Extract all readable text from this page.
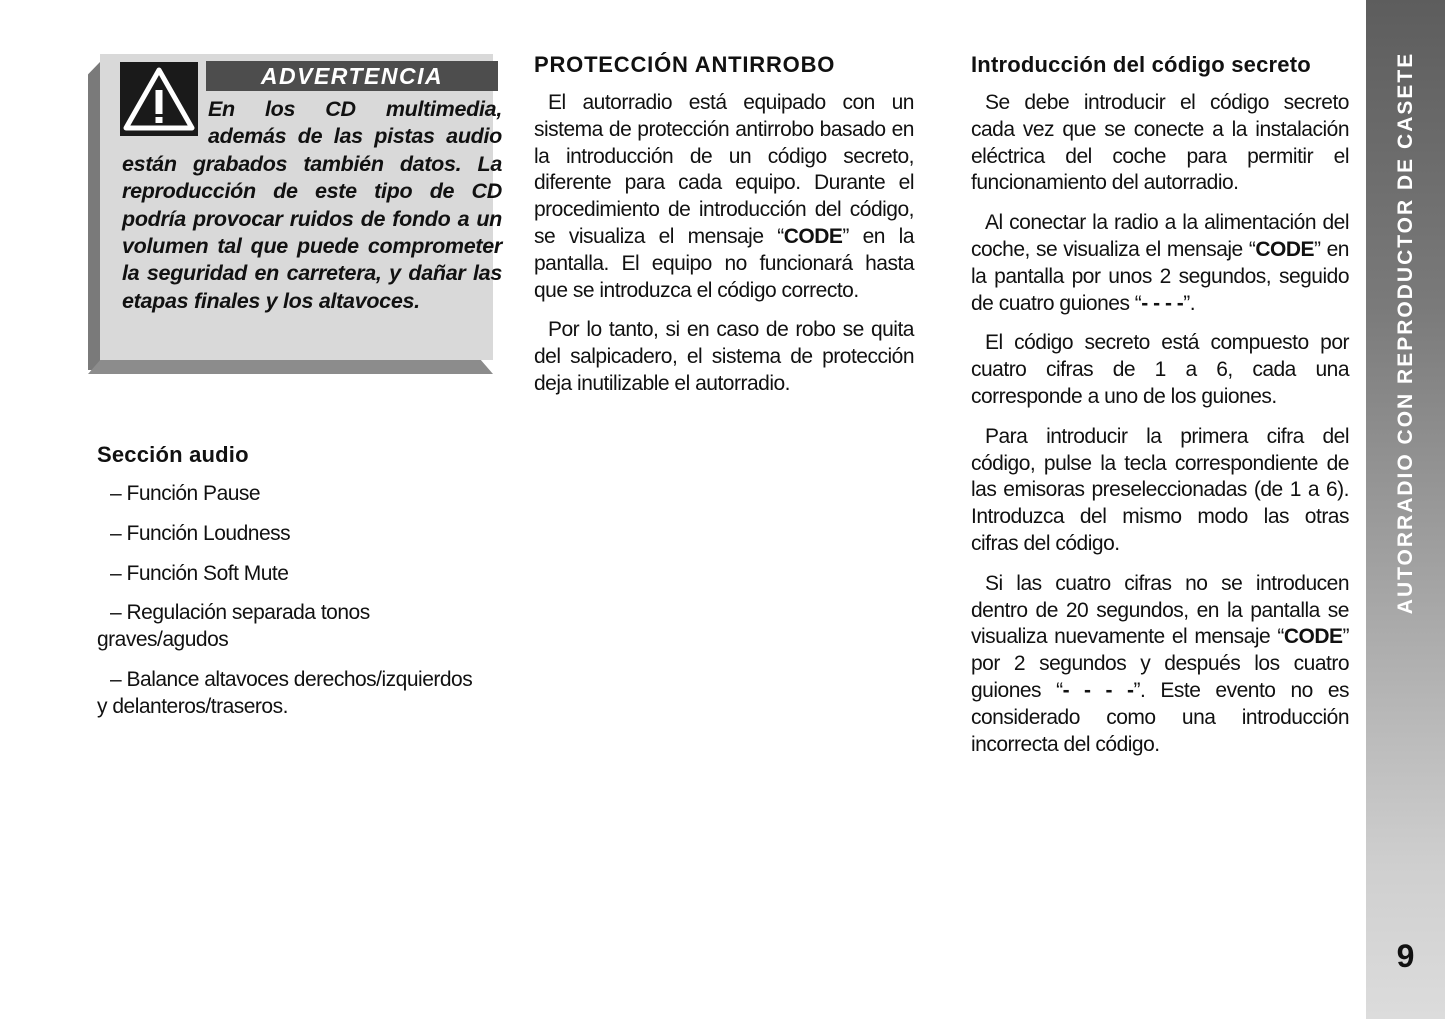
ADVERTENCIA
En los CD multimedia, además de las pistas audio están grabados también datos. La reproducción de este tipo de CD podría provocar ruidos de fondo a un volumen tal que puede comprometer la seguridad en carretera, y dañar las etapas finales y los altavoces.
Sección audio
– Función Pause
– Función Loudness
– Función Soft Mute
– Regulación separada tonos graves/agudos
– Balance altavoces derechos/izquierdos y delanteros/traseros.
PROTECCIÓN ANTIRROBO

El autorradio está equipado con un sistema de protección antirrobo basado en la introducción de un código secreto, diferente para cada equipo. Durante el procedimiento de introducción del código, se visualiza el mensaje “CODE” en la pantalla. El equipo no funcionará hasta que se introduzca el código correcto.

Por lo tanto, si en caso de robo se quita del salpicadero, el sistema de protección deja inutilizable el autorradio.

Introducción del código secreto

Se debe introducir el código secreto cada vez que se conecte a la instalación eléctrica del coche para permitir el funcionamiento del autorradio.

Al conectar la radio a la alimentación del coche, se visualiza el mensaje “CODE” en la pantalla por unos 2 segundos, seguido de cuatro guiones “- - - -”.

El código secreto está compuesto por cuatro cifras de 1 a 6, cada una corresponde a uno de los guiones.

Para introducir la primera cifra del código, pulse la tecla correspondiente de las emisoras preseleccionadas (de 1 a 6). Introduzca del mismo modo las otras cifras del código.

Si las cuatro cifras no se introducen dentro de 20 segundos, en la pantalla se visualiza nuevamente el mensaje “CODE” por 2 segundos y después los cuatro guiones “- - - -”. Este evento no es considerado como una introducción incorrecta del código.

AUTORRADIO CON REPRODUCTOR DE CASETE
9
